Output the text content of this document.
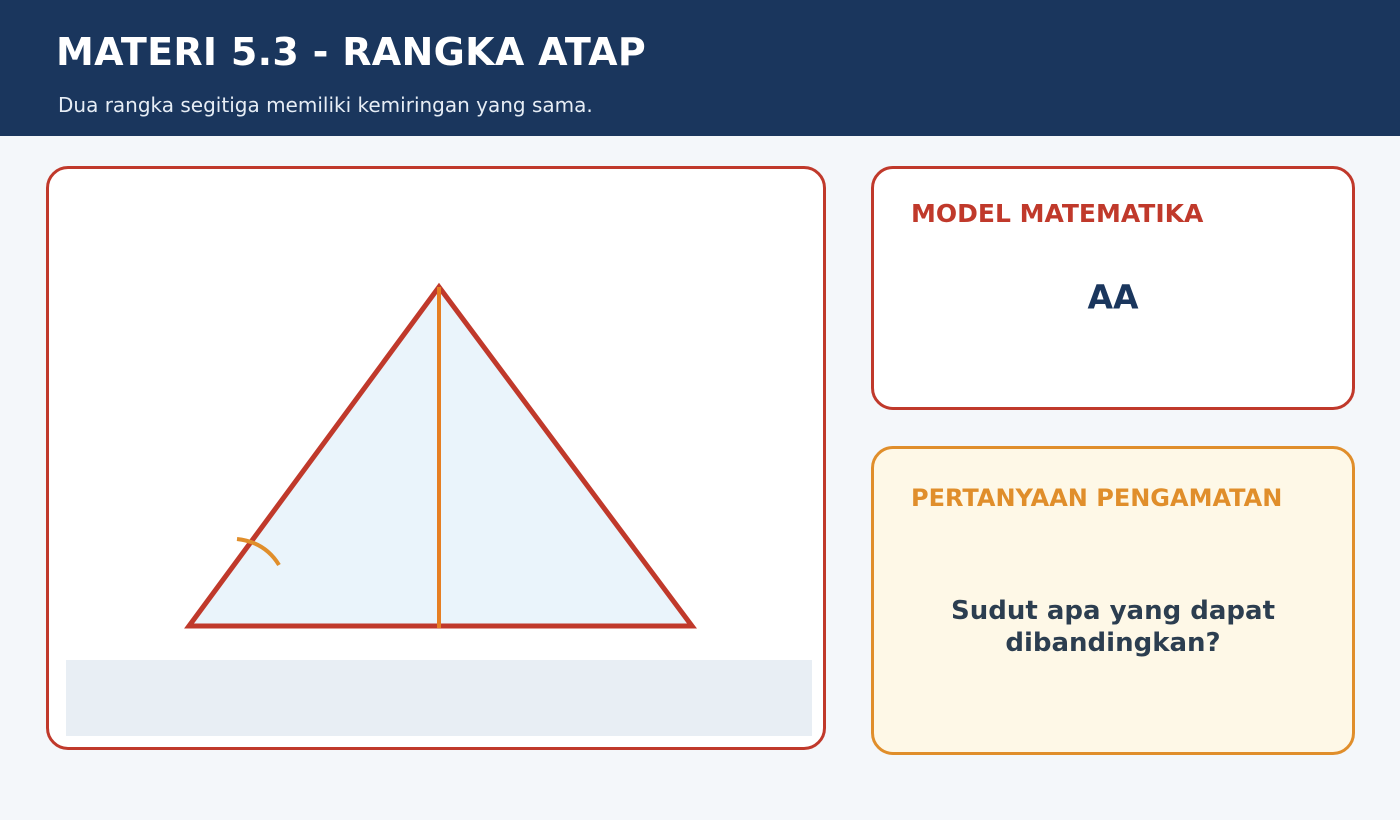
MATERI 5.3 - RANGKA ATAP

Dua rangka segitiga memiliki kemiringan yang sama.

MODEL MATEMATIKA
AA
PERTANYAAN PENGAMATAN

Sudut apa yang dapat dibandingkan?
